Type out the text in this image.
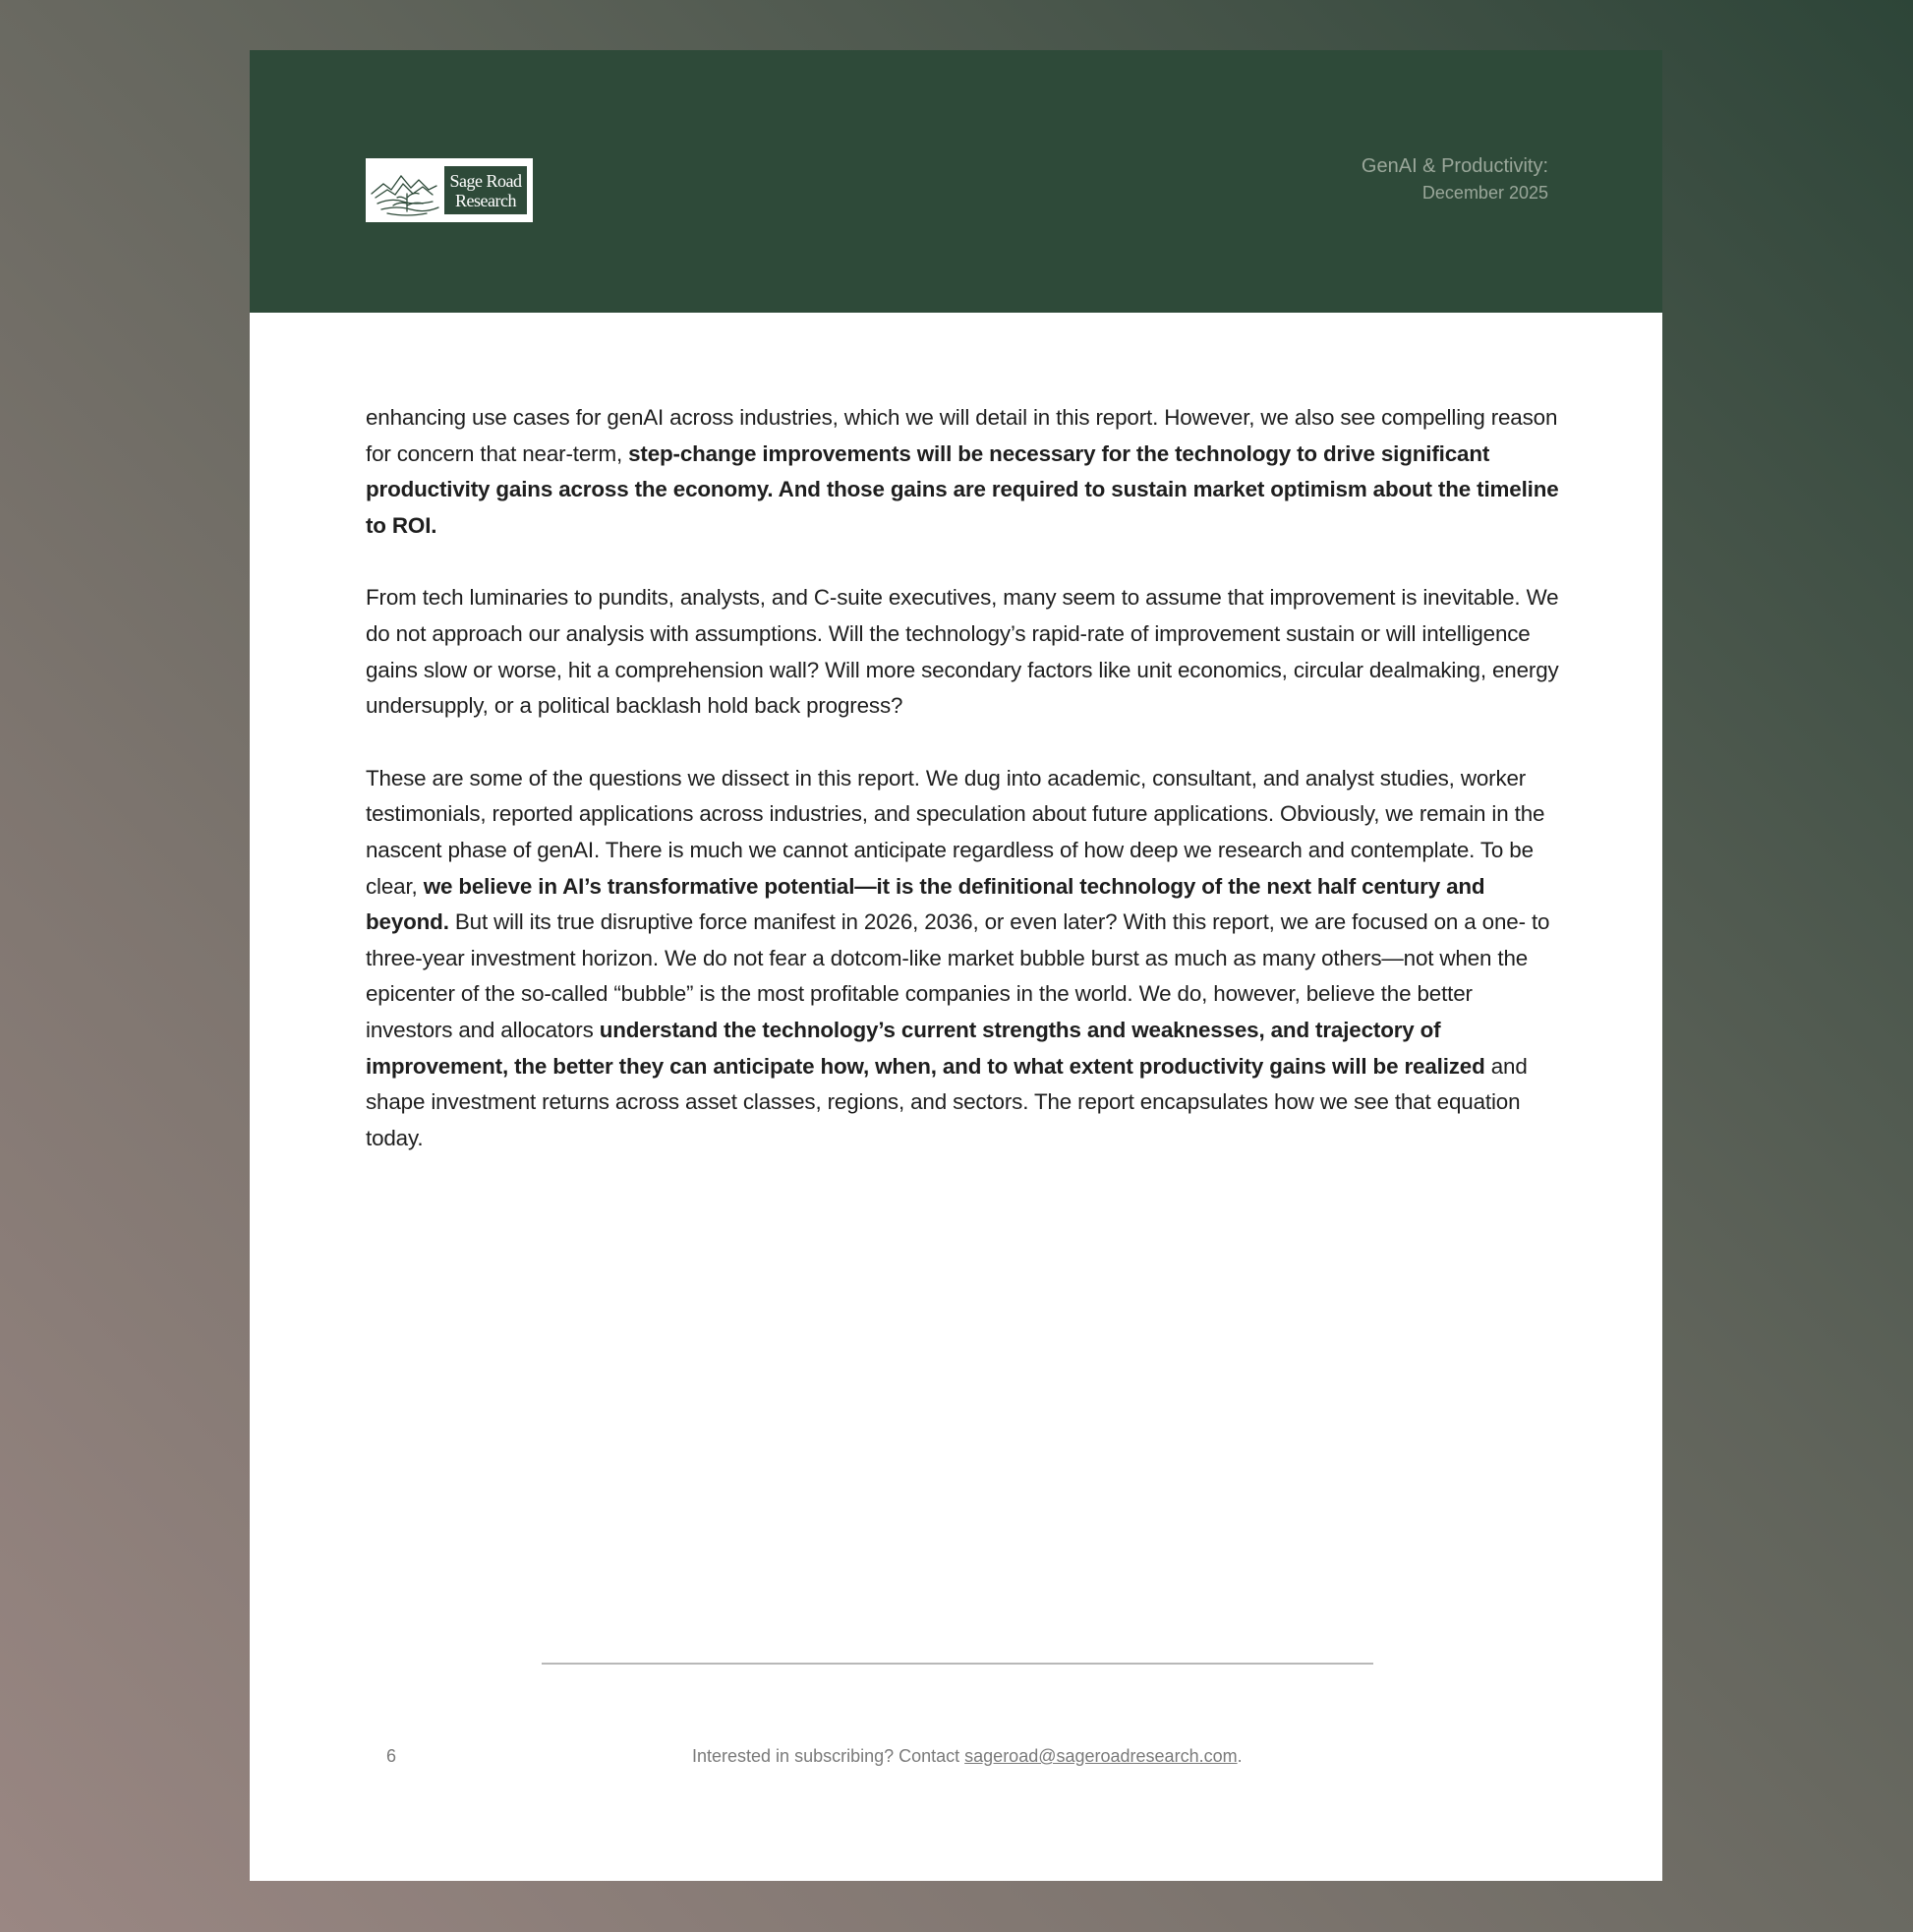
Sage Road
Research
GenAI & Productivity:
December 2025

enhancing use cases for genAI across industries, which we will detail in this report. However, we also see compelling reason for concern that near-term, step-change improvements will be necessary for the technology to drive significant productivity gains across the economy. And those gains are required to sustain market optimism about the timeline to ROI.

From tech luminaries to pundits, analysts, and C-suite executives, many seem to assume that improvement is inevitable. We do not approach our analysis with assumptions. Will the technology’s rapid-rate of improvement sustain or will intelligence gains slow or worse, hit a comprehension wall? Will more secondary factors like unit economics, circular dealmaking, energy undersupply, or a political backlash hold back progress?

These are some of the questions we dissect in this report. We dug into academic, consultant, and analyst studies, worker testimonials, reported applications across industries, and speculation about future applications. Obviously, we remain in the nascent phase of genAI. There is much we cannot anticipate regardless of how deep we research and contemplate. To be clear, we believe in AI’s transformative potential—it is the definitional technology of the next half century and beyond. But will its true disruptive force manifest in 2026, 2036, or even later? With this report, we are focused on a one- to three-year investment horizon. We do not fear a dotcom-like market bubble burst as much as many others—not when the epicenter of the so-called “bubble” is the most profitable companies in the world. We do, however, believe the better investors and allocators understand the technology’s current strengths and weaknesses, and trajectory of improvement, the better they can anticipate how, when, and to what extent productivity gains will be realized and shape investment returns across asset classes, regions, and sectors. The report encapsulates how we see that equation today.

6	Interested in subscribing? Contact sageroad@sageroadresearch.com.
